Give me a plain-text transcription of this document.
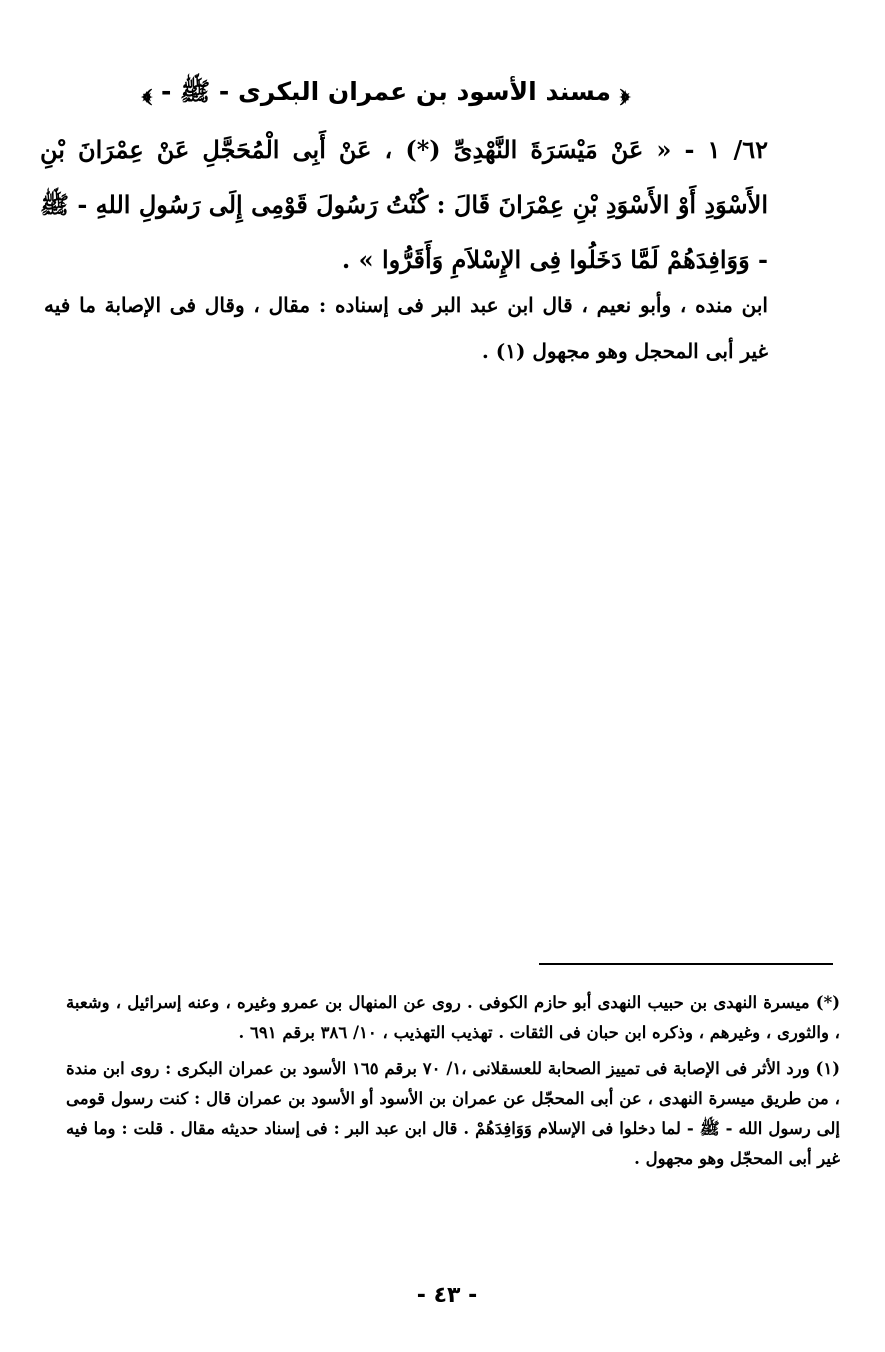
﴿ مسند الأسود بن عمران البكرى - ﷺ - ﴾
٦٢/ ١ - « عَنْ مَيْسَرَةَ النَّهْدِىِّ (*) ، عَنْ أَبِى الْمُحَجَّلِ عَنْ عِمْرَانَ بْنِ الأَسْوَدِ أَوْ الأَسْوَدِ بْنِ عِمْرَانَ قَالَ : كُنْتُ رَسُولَ قَوْمِى إِلَى رَسُولِ اللهِ - ﷺ - وَوَافِدَهُمْ لَمَّا دَخَلُوا فِى الإِسْلاَمِ وَأَقَرُّوا » .
ابن منده ، وأبو نعيم ، قال ابن عبد البر فى إسناده : مقال ، وقال فى الإصابة ما فيه غير أبى المحجل وهو مجهول (١) .

(*) ميسرة النهدى بن حبيب النهدى أبو حازم الكوفى . روى عن المنهال بن عمرو وغيره ، وعنه إسرائيل ، وشعبة ، والثورى ، وغيرهم ، وذكره ابن حبان فى الثقات . تهذيب التهذيب ، ١٠/ ٣٨٦ برقم ٦٩١ .

(١) ورد الأثر فى الإصابة فى تمييز الصحابة للعسقلانى ،١/ ٧٠ برقم ١٦٥ الأسود بن عمران البكرى : روى ابن مندة ، من طريق ميسرة النهدى ، عن أبى المحجّل عن عمران بن الأسود أو الأسود بن عمران قال : كنت رسول قومى إلى رسول الله - ﷺ - لما دخلوا فى الإسلام وَوَافِدَهُمْ . قال ابن عبد البر : فى إسناد حديثه مقال . قلت : وما فيه غير أبى المحجّل وهو مجهول .

- ٤٣ -
